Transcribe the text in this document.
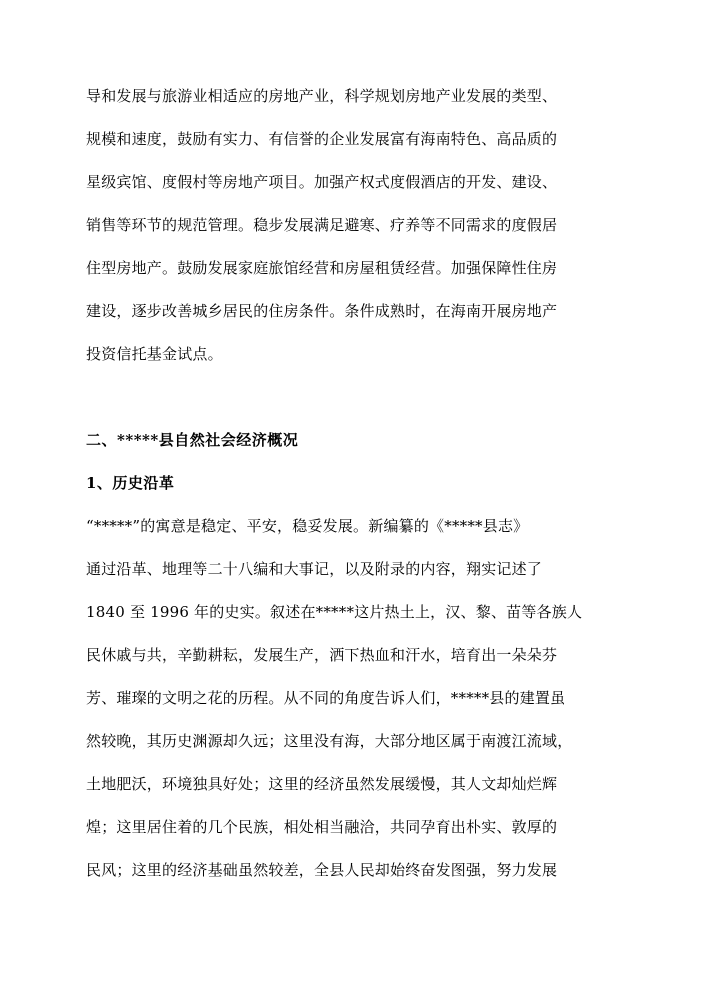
导和发展与旅游业相适应的房地产业，科学规划房地产业发展的类型、
规模和速度，鼓励有实力、有信誉的企业发展富有海南特色、高品质的
星级宾馆、度假村等房地产项目。加强产权式度假酒店的开发、建设、
销售等环节的规范管理。稳步发展满足避寒、疗养等不同需求的度假居
住型房地产。鼓励发展家庭旅馆经营和房屋租赁经营。加强保障性住房
建设，逐步改善城乡居民的住房条件。条件成熟时，在海南开展房地产
投资信托基金试点。
二、*****县自然社会经济概况
1、历史沿革
“*****”的寓意是稳定、平安，稳妥发展。新编纂的《*****县志》
通过沿革、地理等二十八编和大事记，以及附录的内容，翔实记述了
1840 至 1996 年的史实。叙述在*****这片热土上，汉、黎、苗等各族人
民休戚与共，辛勤耕耘，发展生产，洒下热血和汗水，培育出一朵朵芬
芳、璀璨的文明之花的历程。从不同的角度告诉人们，*****县的建置虽
然较晚，其历史渊源却久远；这里没有海，大部分地区属于南渡江流域，
土地肥沃，环境独具好处；这里的经济虽然发展缓慢，其人文却灿烂辉
煌；这里居住着的几个民族，相处相当融洽，共同孕育出朴实、敦厚的
民风；这里的经济基础虽然较差，全县人民却始终奋发图强，努力发展
